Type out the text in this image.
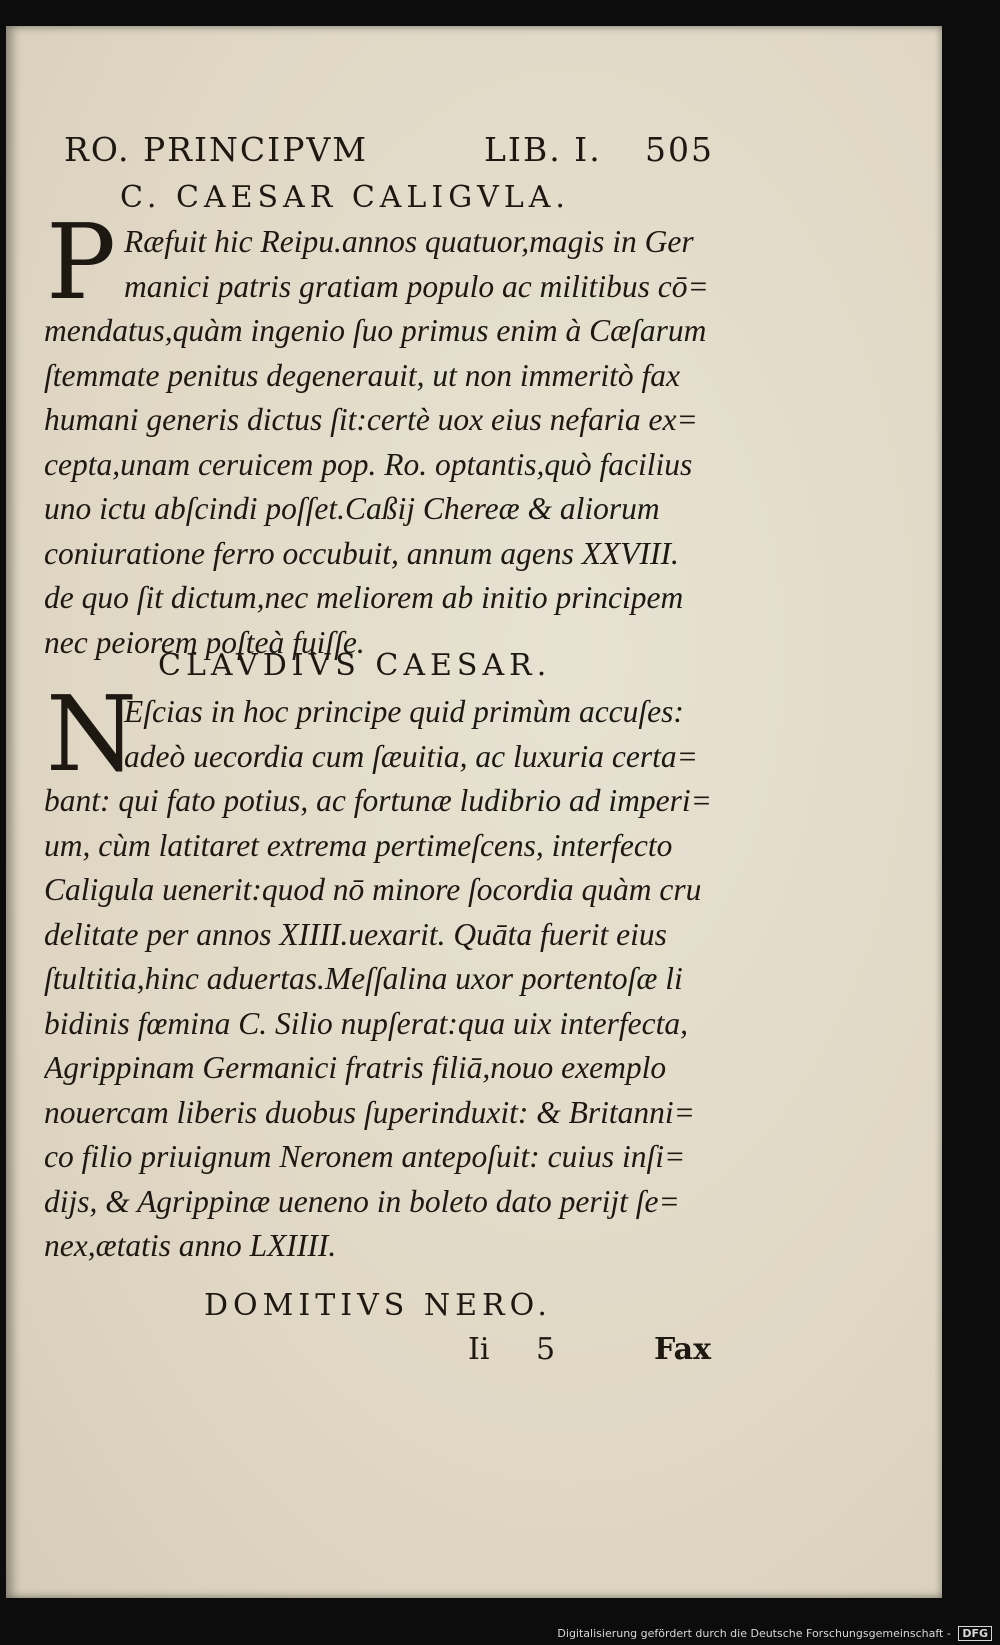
RO. PRINCIPVM	LIB. I. 505
C. CAESAR CALIGVLA.
P Ræfuit hic Reipu.annos quatuor,magis in Ger
manici patris gratiam populo ac militibus cō=
mendatus,quàm ingenio ſuo primus enim à Cæſarum
ſtemmate penitus degenerauit, ut non immeritò fax
humani generis dictus ſit:certè uox eius nefaria ex=
cepta,unam ceruicem pop. Ro. optantis,quò facilius
uno ictu abſcindi poſſet.Caßij Chereæ & aliorum
coniuratione ferro occubuit, annum agens XXVIII.
de quo ſit dictum,nec meliorem ab initio principem
nec peiorem poſteà fuiſſe.
CLAVDIVS CAESAR.
N
Eſcias in hoc principe quid primùm accuſes:
adeò uecordia cum ſæuitia, ac luxuria certa=
bant: qui fato potius, ac fortunæ ludibrio ad imperi=
um, cùm latitaret extrema pertimeſcens, interfecto
Caligula uenerit:quod nō minore ſocordia quàm cru
delitate per annos XIIII.uexarit. Quāta fuerit eius
ſtultitia,hinc aduertas.Meſſalina uxor portentoſæ li
bidinis fœmina C. Silio nupſerat:qua uix interfecta,
Agrippinam Germanici fratris filiā,nouo exemplo
nouercam liberis duobus ſuperinduxit: & Britanni=
co filio priuignum Neronem antepoſuit: cuius inſi=
dijs, & Agrippinæ ueneno in boleto dato perijt ſe=
nex,ætatis anno LXIIII.
DOMITIVS NERO.
Ii 5	Fax
Digitalisierung gefördert durch die Deutsche Forschungsgemeinschaft - DFG
